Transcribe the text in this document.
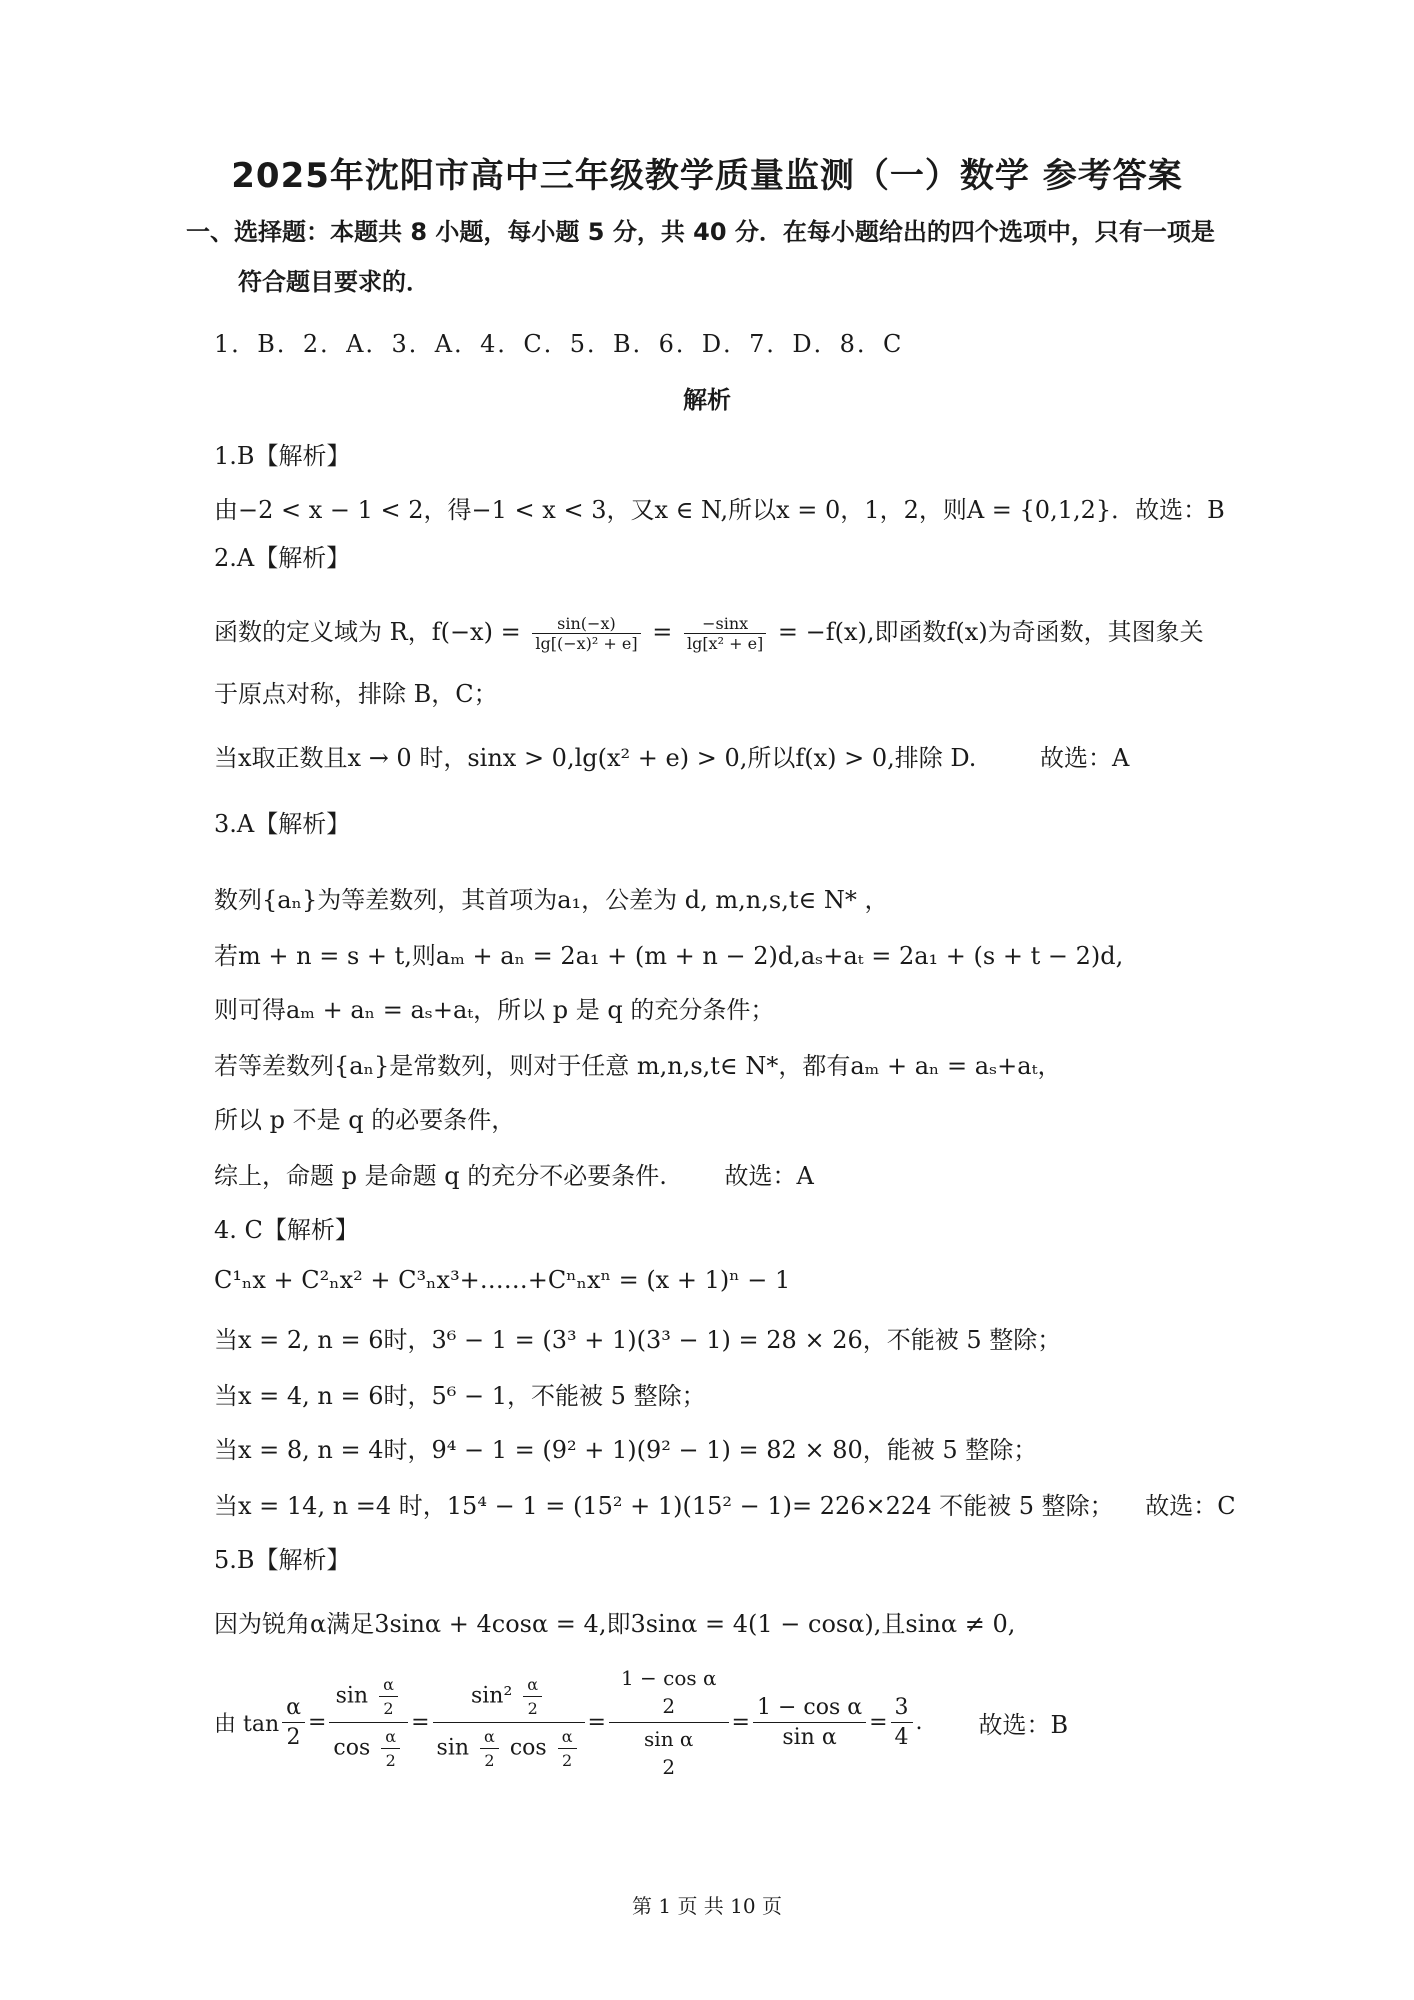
2025年沈阳市高中三年级教学质量监测（一）数学 参考答案
一、选择题：本题共 8 小题，每小题 5 分，共 40 分．在每小题给出的四个选项中，只有一项是
符合题目要求的．
1．B．2．A．3．A．4．C．5．B．6．D．7．D．8．C
解析
1.B【解析】
由−2 < x − 1 < 2，得−1 < x < 3，又x ∈ N,所以x = 0，1，2，则A = {0,1,2}．故选：B
2.A【解析】
函数的定义域为 R，$f(-x) = \frac{\sin(-x)}{\text{lg[(−x)² + e]}} = \frac{-\sin x}{\text{lg[x² + e]}} = -f(x)$,即函数f(x)为奇函数，其图象关
于原点对称，排除 B，C；
当x取正数且x → 0 时，sinx > 0,lg(x² + e) > 0,所以f(x) > 0,排除 D.	故选：A
3.A【解析】
数列{aₙ}为等差数列，其首项为a₁，公差为 d, m,n,s,t∈ N* ，
若m + n = s + t,则aₘ + aₙ = 2a₁ + (m + n − 2)d,aₛ+aₜ = 2a₁ + (s + t − 2)d,
则可得aₘ + aₙ = aₛ+aₜ，所以 p 是 q 的充分条件；
若等差数列{aₙ}是常数列，则对于任意 m,n,s,t∈ N*，都有aₘ + aₙ = aₛ+aₜ，
所以 p 不是 q 的必要条件，
综上，命题 p 是命题 q 的充分不必要条件. 故选：A
4. C【解析】
C¹ₙx + C²ₙx² + C³ₙx³+……+Cⁿₙxⁿ = (x + 1)ⁿ − 1
当x = 2, n = 6时，3⁶ − 1 = (3³ + 1)(3³ − 1) = 28 × 26，不能被 5 整除；
当x = 4, n = 6时，5⁶ − 1，不能被 5 整除；
当x = 8, n = 4时，9⁴ − 1 = (9² + 1)(9² − 1) = 82 × 80，能被 5 整除；
当x = 14, n =4 时，15⁴ − 1 = (15² + 1)(15² − 1)= 226×224 不能被 5 整除； 故选：C
5.B【解析】
因为锐角α满足3sinα + 4cosα = 4,即3sinα = 4(1 − cosα),且sinα ≠ 0,
由 $\tan \frac{\alpha}{2} = \frac{\sin \frac{\alpha}{2}}{\cos \frac{\alpha}{2}} = \frac{\sin^2 \frac{\alpha}{2}}{\sin \frac{\alpha}{2} \cos \frac{\alpha}{2}} = 1 - \cos \alpha$
2
sin α
$2 = \frac{\text{1 − cos α}}{\text{sin α}} = \frac{3}{4}$ . 故选：B
第 1 页 共 10 页
